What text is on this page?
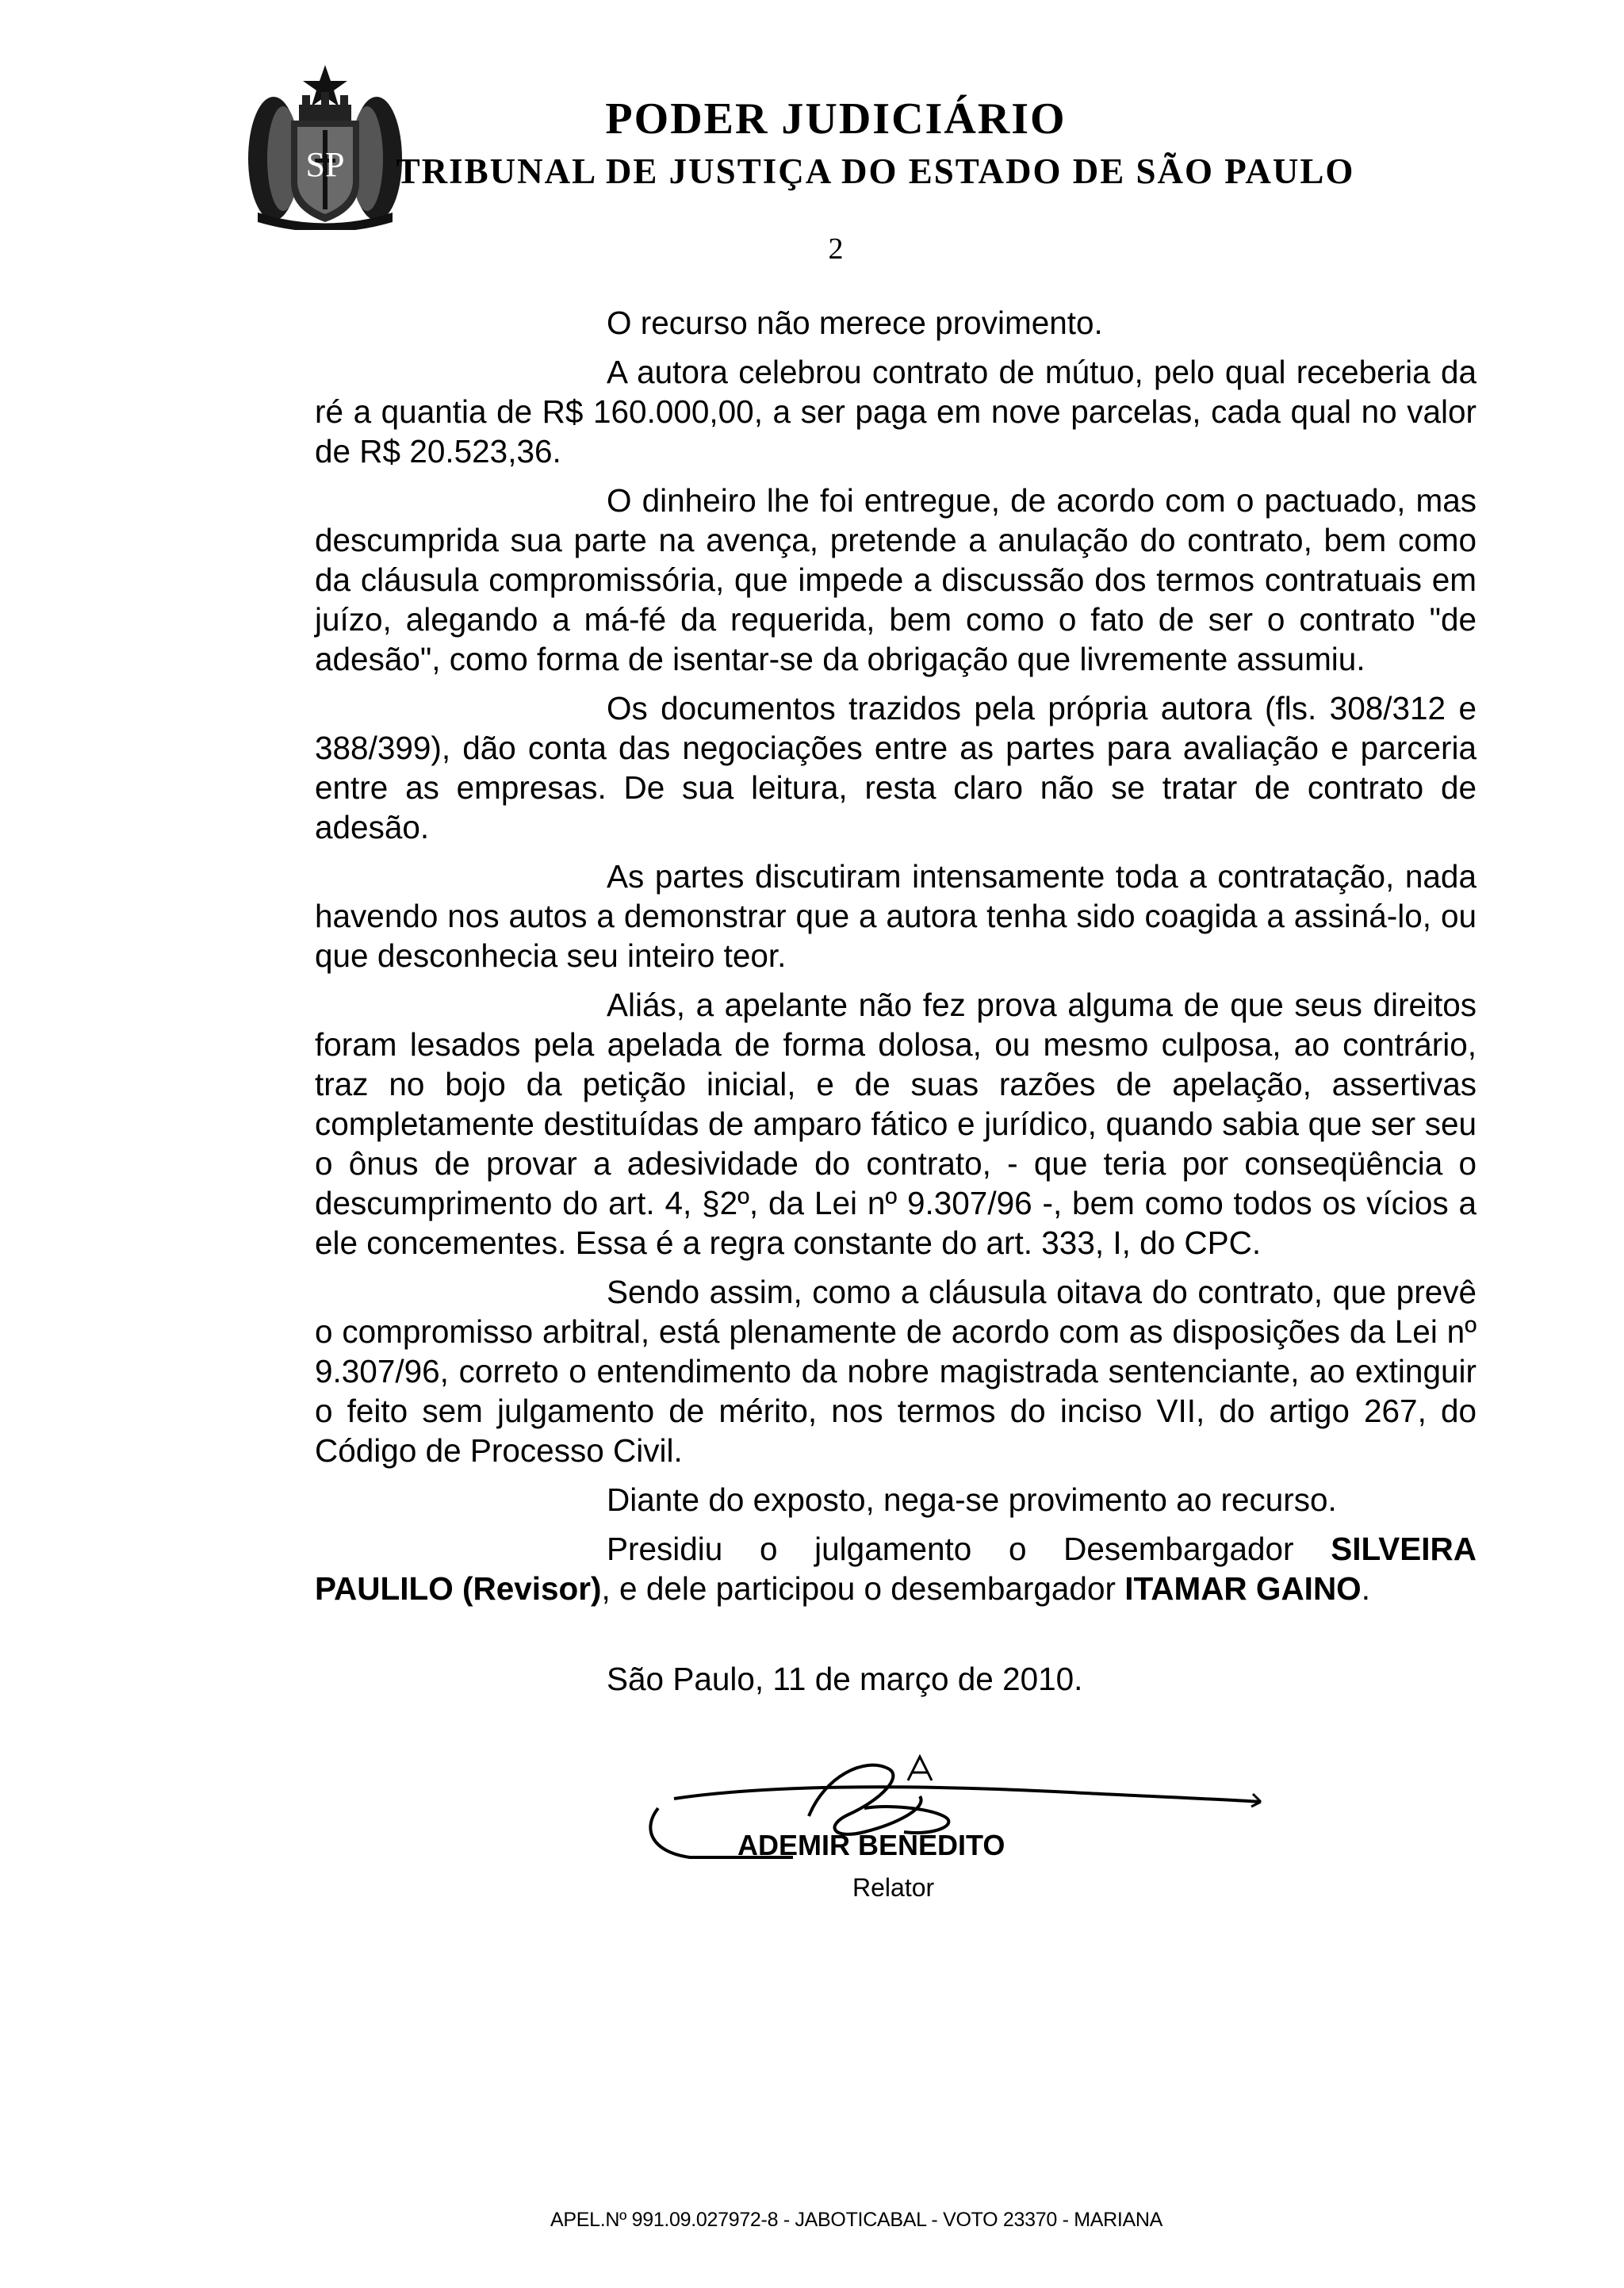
SP
PODER JUDICIÁRIO
TRIBUNAL DE JUSTIÇA DO ESTADO DE SÃO PAULO
2

O recurso não merece provimento.

A autora celebrou contrato de mútuo, pelo qual receberia da ré a quantia de R$ 160.000,00, a ser paga em nove parcelas, cada qual no valor de R$ 20.523,36.

O dinheiro lhe foi entregue, de acordo com o pactuado, mas descumprida sua parte na avença, pretende a anulação do contrato, bem como da cláusula compromissória, que impede a discussão dos termos contratuais em juízo, alegando a má-fé da requerida, bem como o fato de ser o contrato "de adesão", como forma de isentar-se da obrigação que livremente assumiu.

Os documentos trazidos pela própria autora (fls. 308/312 e 388/399), dão conta das negociações entre as partes para avaliação e parceria entre as empresas. De sua leitura, resta claro não se tratar de contrato de adesão.

As partes discutiram intensamente toda a contratação, nada havendo nos autos a demonstrar que a autora tenha sido coagida a assiná-lo, ou que desconhecia seu inteiro teor.

Aliás, a apelante não fez prova alguma de que seus direitos foram lesados pela apelada de forma dolosa, ou mesmo culposa, ao contrário, traz no bojo da petição inicial, e de suas razões de apelação, assertivas completamente destituídas de amparo fático e jurídico, quando sabia que ser seu o ônus de provar a adesividade do contrato, - que teria por conseqüência o descumprimento do art. 4, §2º, da Lei nº 9.307/96 -, bem como todos os vícios a ele concementes. Essa é a regra constante do art. 333, I, do CPC.

Sendo assim, como a cláusula oitava do contrato, que prevê o compromisso arbitral, está plenamente de acordo com as disposições da Lei nº 9.307/96, correto o entendimento da nobre magistrada sentenciante, ao extinguir o feito sem julgamento de mérito, nos termos do inciso VII, do artigo 267, do Código de Processo Civil.

Diante do exposto, nega-se provimento ao recurso.

Presidiu o julgamento o Desembargador SILVEIRA PAULILO (Revisor), e dele participou o desembargador ITAMAR GAINO.

São Paulo, 11 de março de 2010.
ADEMIR BENEDITO
Relator
APEL.Nº 991.09.027972-8 - JABOTICABAL - VOTO 23370 - MARIANA
